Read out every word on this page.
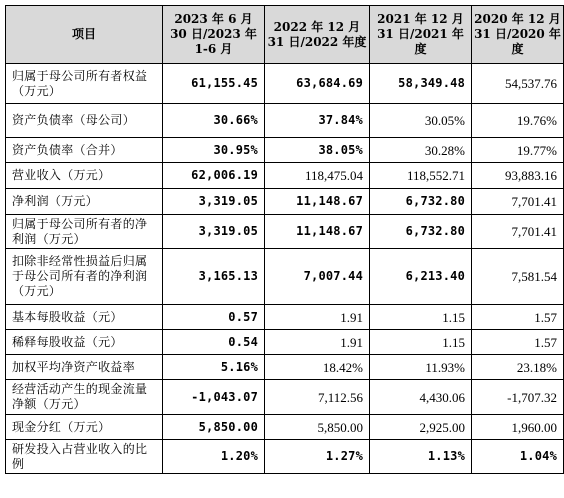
项目	2023 年 6 月 30 日/2023 年 1-6 月	2022 年 12 月 31 日/2022 年度	2021 年 12 月 31 日/2021 年度	2020 年 12 月 31 日/2020 年度
归属于母公司所有者权益（万元）	61,155.45	63,684.69	58,349.48	54,537.76
资产负债率（母公司）	30.66%	37.84%	30.05%	19.76%
资产负债率（合并）	30.95%	38.05%	30.28%	19.77%
营业收入（万元）	62,006.19	118,475.04	118,552.71	93,883.16
净利润（万元）	3,319.05	11,148.67	6,732.80	7,701.41
归属于母公司所有者的净利润（万元）	3,319.05	11,148.67	6,732.80	7,701.41
扣除非经常性损益后归属于母公司所有者的净利润（万元）	3,165.13	7,007.44	6,213.40	7,581.54
基本每股收益（元）	0.57	1.91	1.15	1.57
稀释每股收益（元）	0.54	1.91	1.15	1.57
加权平均净资产收益率	5.16%	18.42%	11.93%	23.18%
经营活动产生的现金流量净额（万元）	-1,043.07	7,112.56	4,430.06	-1,707.32
现金分红（万元）	5,850.00	5,850.00	2,925.00	1,960.00
研发投入占营业收入的比例	1.20%	1.27%	1.13%	1.04%
